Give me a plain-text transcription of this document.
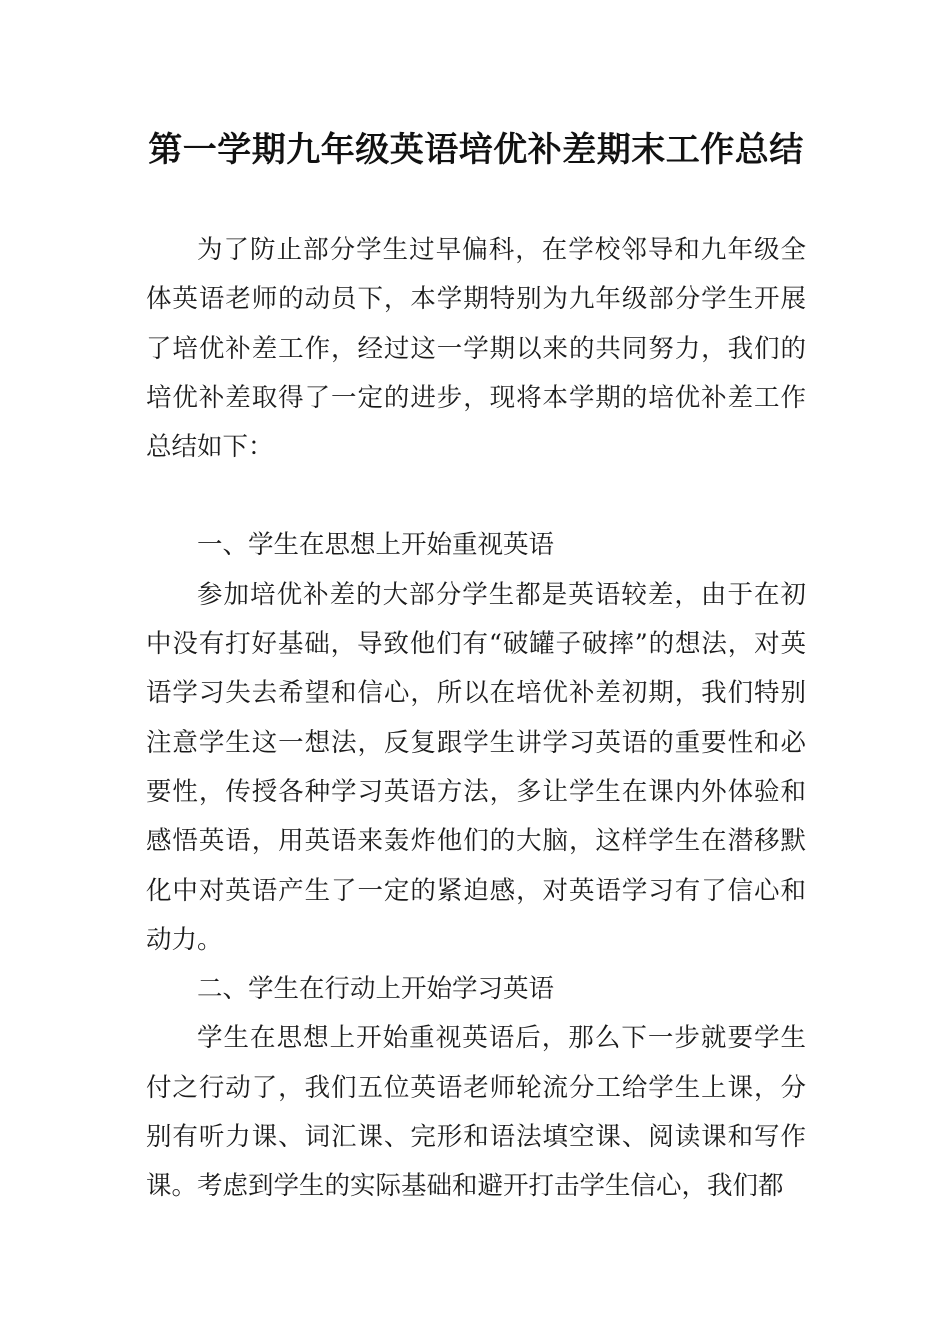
第一学期九年级英语培优补差期末工作总结

为了防止部分学生过早偏科，在学校邻导和九年级全体英语老师的动员下，本学期特别为九年级部分学生开展了培优补差工作，经过这一学期以来的共同努力，我们的培优补差取得了一定的进步，现将本学期的培优补差工作总结如下：

一、学生在思想上开始重视英语

参加培优补差的大部分学生都是英语较差，由于在初中没有打好基础，导致他们有“破罐子破摔”的想法，对英语学习失去希望和信心，所以在培优补差初期，我们特别注意学生这一想法，反复跟学生讲学习英语的重要性和必要性，传授各种学习英语方法，多让学生在课内外体验和感悟英语，用英语来轰炸他们的大脑，这样学生在潜移默化中对英语产生了一定的紧迫感，对英语学习有了信心和动力。

二、学生在行动上开始学习英语

学生在思想上开始重视英语后，那么下一步就要学生付之行动了，我们五位英语老师轮流分工给学生上课，分别有听力课、词汇课、完形和语法填空课、阅读课和写作课。考虑到学生的实际基础和避开打击学生信心，我们都
